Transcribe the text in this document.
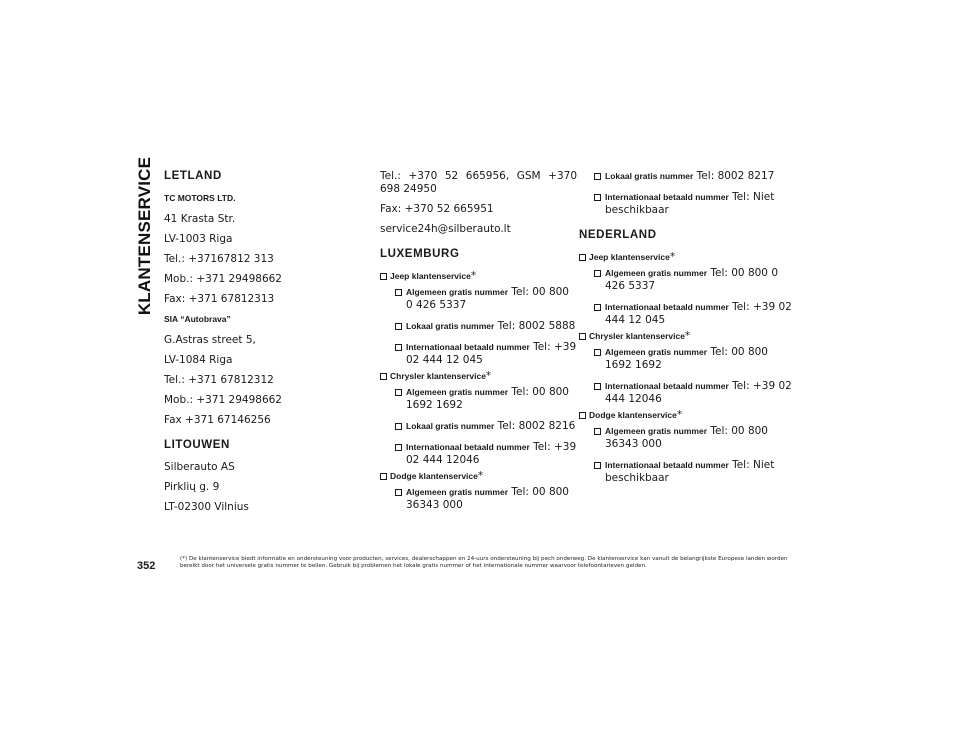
KLANTENSERVICE LETLAND
TC MOTORS LTD.

41 Krasta Str.

LV-1003 Riga

Tel.: +37167812 313

Mob.: +371 29498662

Fax: +371 67812313

SIA “Autobrava”

G.Astras street 5,

LV-1084 Riga

Tel.: +371 67812312

Mob.: +371 29498662

Fax +371 67146256

LITOUWEN

Silberauto AS

Pirklių g. 9

LT-02300 Vilnius

Tel.: +370 52 665956, GSM +370 698 24950

Fax: +370 52 665951

service24h@silberauto.lt

LUXEMBURG
Jeep klantenservice*
Algemeen gratis nummer Tel: 00 800 0 426 5337
Lokaal gratis nummer Tel: 8002 5888
Internationaal betaald nummer Tel: +39 02 444 12 045
Chrysler klantenservice*
Algemeen gratis nummer Tel: 00 800 1692 1692
Lokaal gratis nummer Tel: 8002 8216
Internationaal betaald nummer Tel: +39 02 444 12046
Dodge klantenservice*
Algemeen gratis nummer Tel: 00 800 36343 000
Lokaal gratis nummer Tel: 8002 8217
Internationaal betaald nummer Tel: Niet beschikbaar
NEDERLAND
Jeep klantenservice*
Algemeen gratis nummer Tel: 00 800 0 426 5337
Internationaal betaald nummer Tel: +39 02 444 12 045
Chrysler klantenservice*
Algemeen gratis nummer Tel: 00 800 1692 1692
Internationaal betaald nummer Tel: +39 02 444 12046
Dodge klantenservice*
Algemeen gratis nummer Tel: 00 800 36343 000
Internationaal betaald nummer Tel: Niet beschikbaar
352
(*) De klantenservice biedt informatie en ondersteuning voor producten, services, dealerschappen en 24-uurs ondersteuning bij pech onderweg. De klantenservice kan vanuit de belangrijkste Europese landen worden bereikt door het universele gratis nummer te bellen. Gebruik bij problemen het lokale gratis nummer of het internationale nummer waarvoor telefoontarieven gelden.
